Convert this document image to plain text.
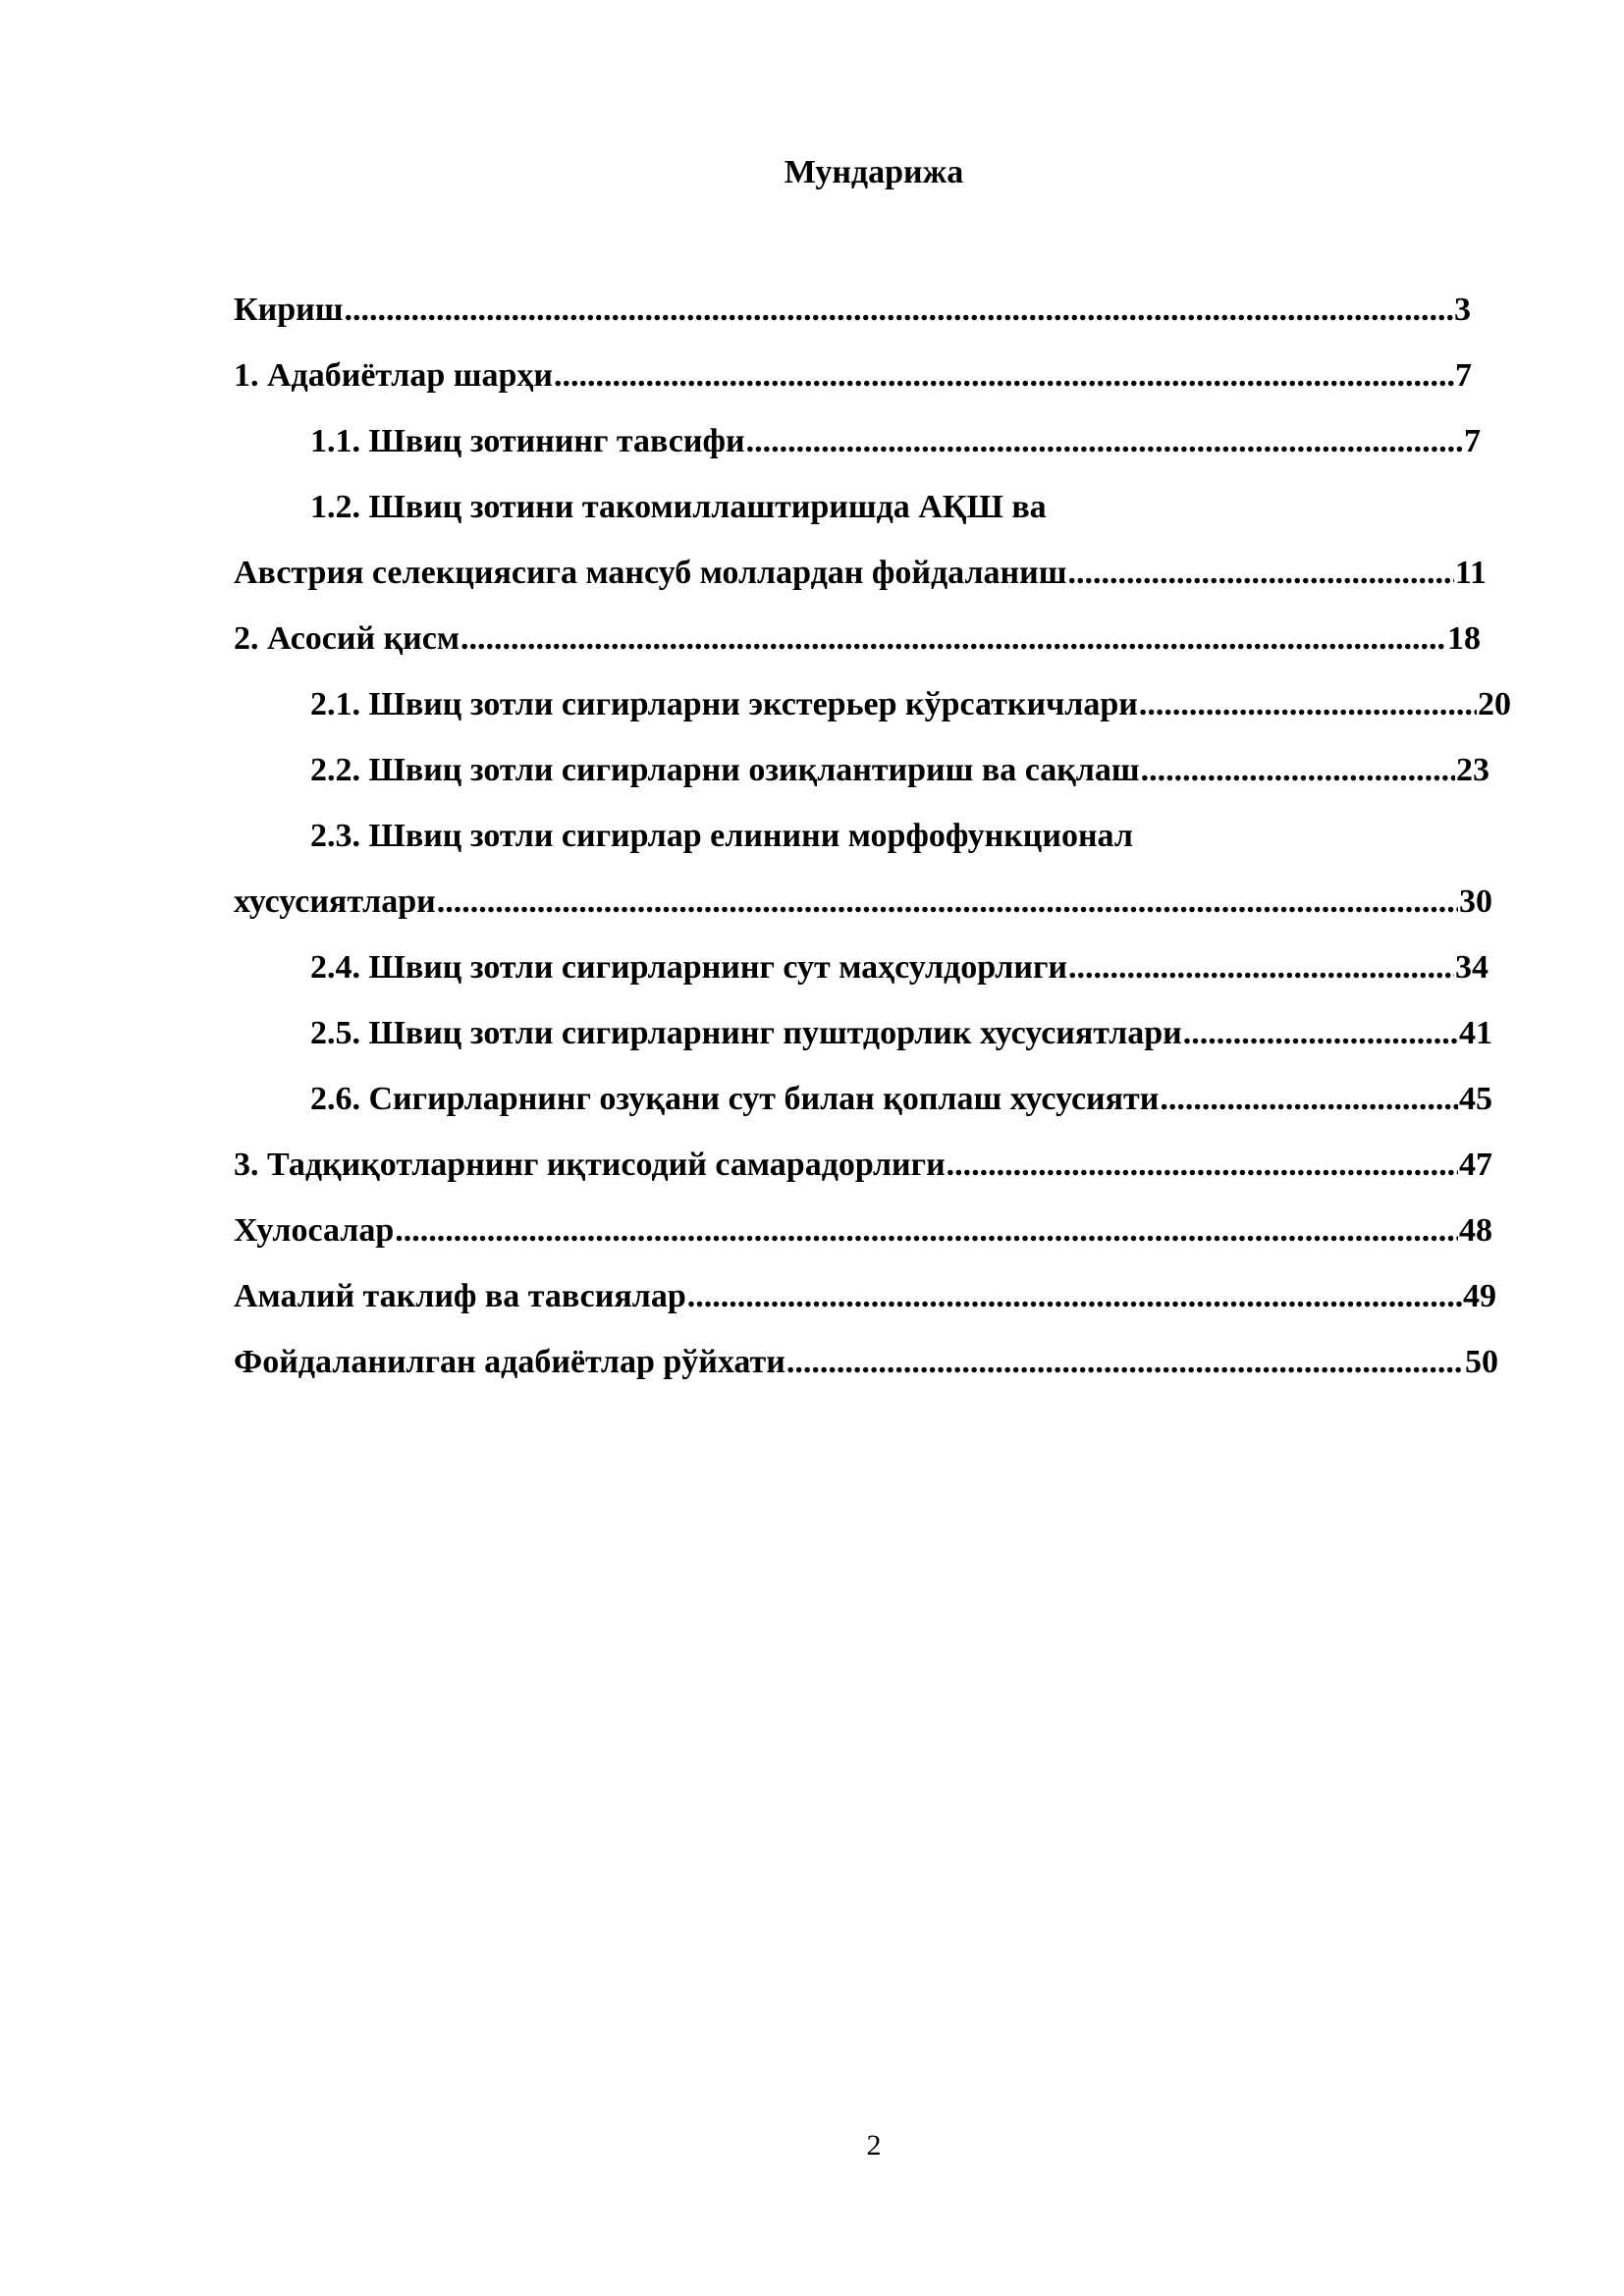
Мундарижа
Кириш .....	3
1. Адабиётлар шарҳи .....	7
1.1. Швиц зотининг тавсифи .....	7
1.2. Швиц зотини такомиллаштиришда АҚШ ва
Австрия селекциясига мансуб моллардан фойдаланиш .....	11
2. Асосий қисм .....	18
2.1. Швиц зотли сигирларни экстерьер кўрсаткичлари .....	20
2.2. Швиц зотли сигирларни озиқлантириш ва сақлаш .....	23
2.3. Швиц зотли сигирлар елинини морфофункционал
хусусиятлари .....	30
2.4. Швиц зотли сигирларнинг сут маҳсулдорлиги .....	34
2.5. Швиц зотли сигирларнинг пуштдорлик хусусиятлари .....	41
2.6. Сигирларнинг озуқани сут билан қоплаш хусусияти .....	45
3. Тадқиқотларнинг иқтисодий самарадорлиги .....	47
Хулосалар .....	48
Амалий таклиф ва тавсиялар .....	49
Фойдаланилган адабиётлар рўйхати .....	50
2
